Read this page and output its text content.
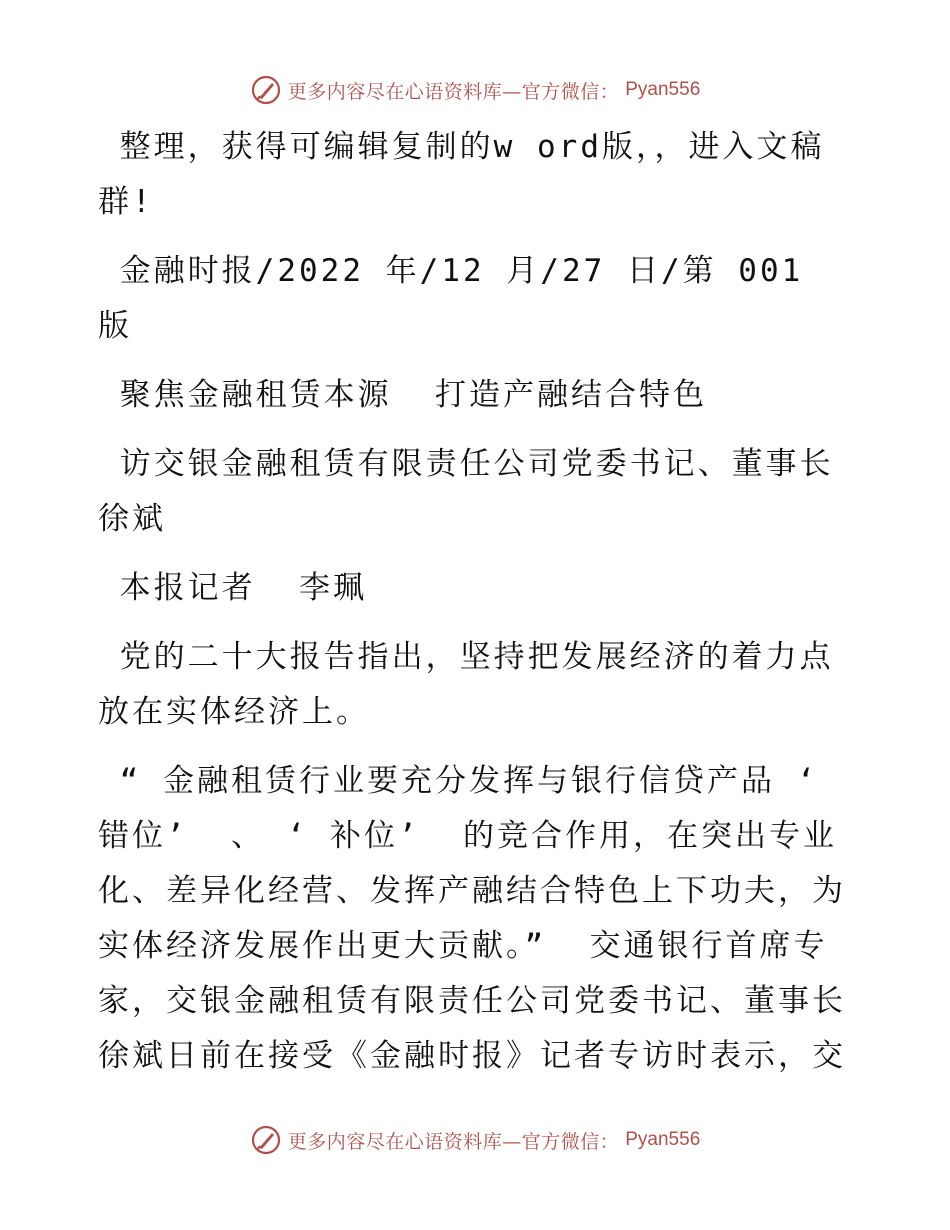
更多内容尽在心语资料库—官方微信： Pyan556

整理，获得可编辑复制的w ord版，，进入文稿
群!

金融时报/2022 年/12 月/27 日/第 001 版

聚焦金融租赁本源  打造产融结合特色

访交银金融租赁有限责任公司党委书记、董事长
徐斌

本报记者  李珮

党的二十大报告指出，坚持把发展经济的着力点
放在实体经济上。

“ 金融租赁行业要充分发挥与银行信贷产品 ‘
错位’  、 ‘ 补位’  的竞合作用，在突出专业
化、差异化经营、发挥产融结合特色上下功夫，为
实体经济发展作出更大贡献。”  交通银行首席专
家，交银金融租赁有限责任公司党委书记、董事长
徐斌日前在接受《金融时报》记者专访时表示，交

更多内容尽在心语资料库—官方微信： Pyan556
